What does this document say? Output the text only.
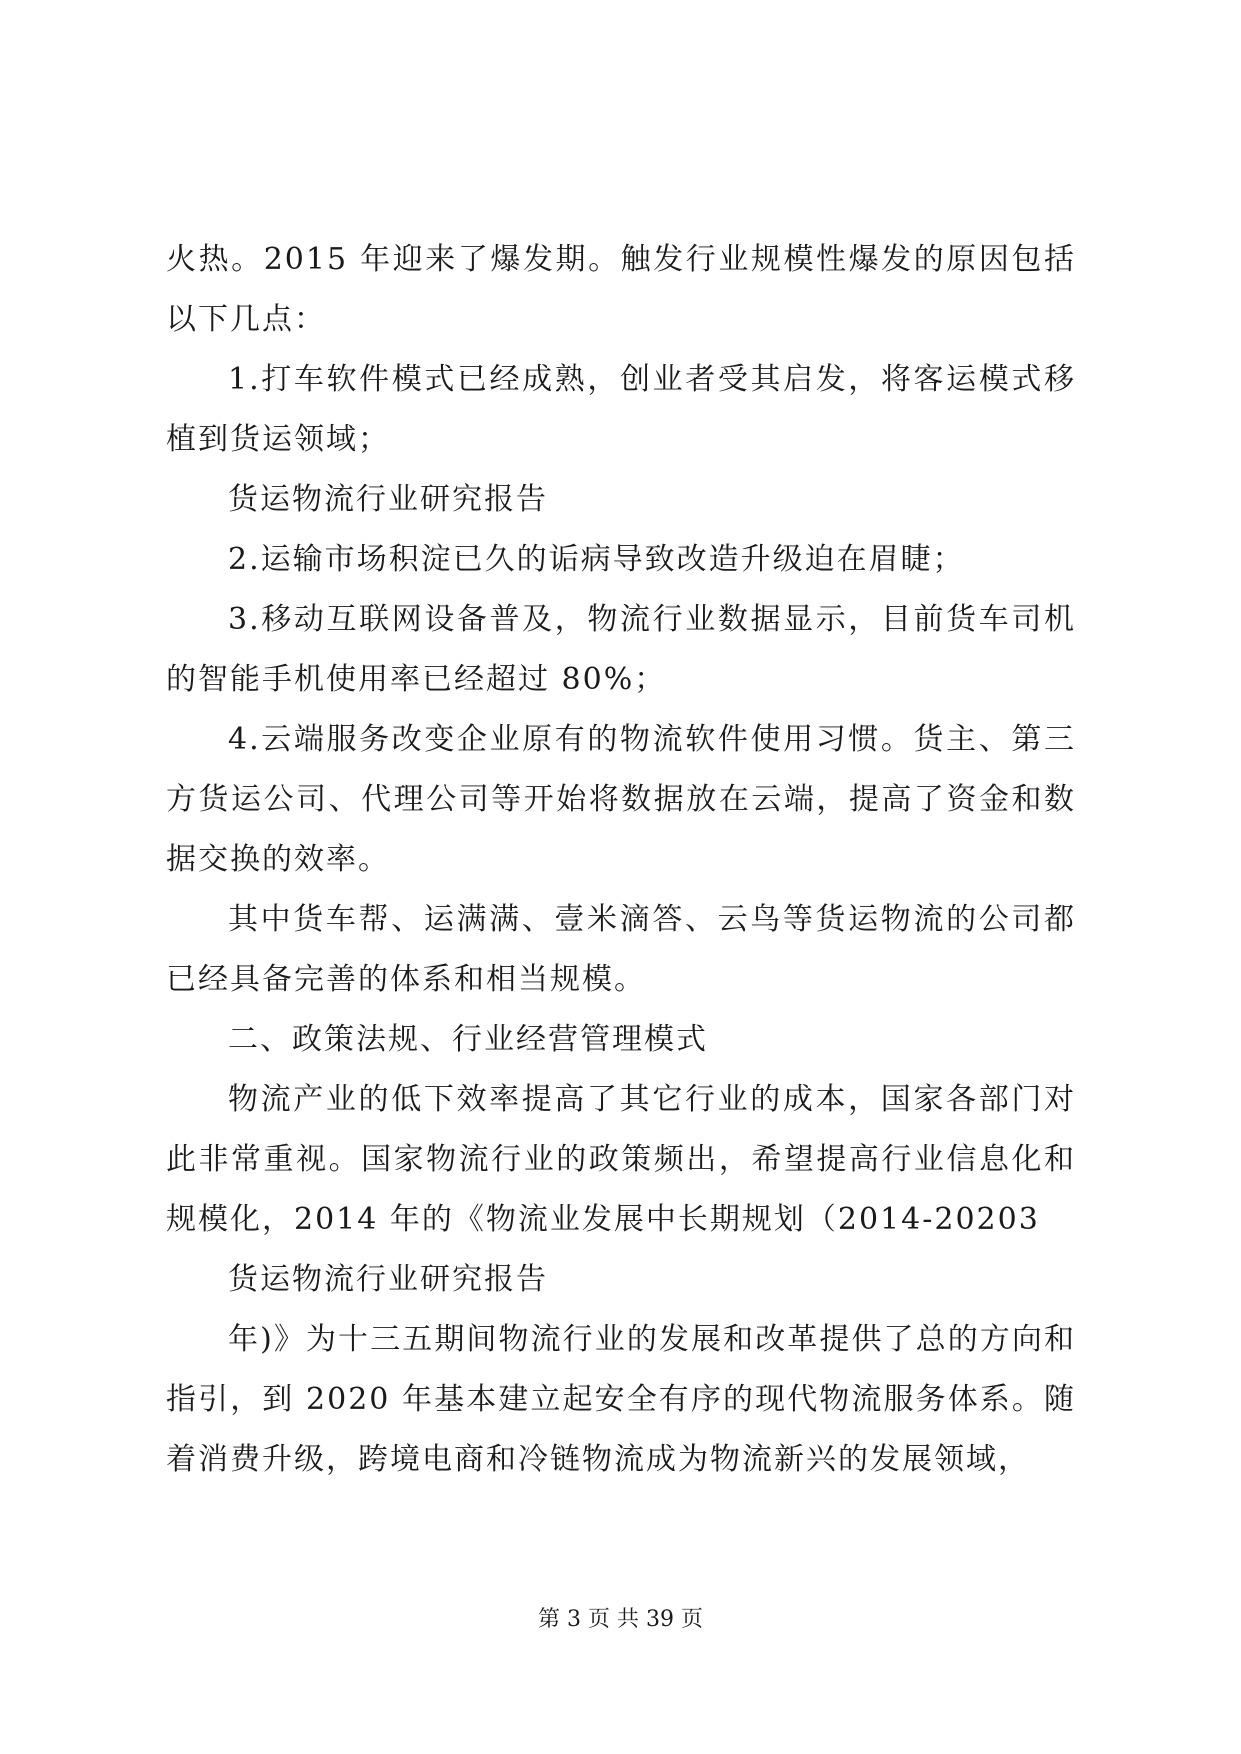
火热。2015 年迎来了爆发期。触发行业规模性爆发的原因包括以下几点：

1.打车软件模式已经成熟，创业者受其启发，将客运模式移植到货运领域；

货运物流行业研究报告

2.运输市场积淀已久的诟病导致改造升级迫在眉睫；

3.移动互联网设备普及，物流行业数据显示，目前货车司机的智能手机使用率已经超过 80%；

4.云端服务改变企业原有的物流软件使用习惯。货主、第三方货运公司、代理公司等开始将数据放在云端，提高了资金和数据交换的效率。

其中货车帮、运满满、壹米滴答、云鸟等货运物流的公司都已经具备完善的体系和相当规模。

二、政策法规、行业经营管理模式

物流产业的低下效率提高了其它行业的成本，国家各部门对此非常重视。国家物流行业的政策频出，希望提高行业信息化和规模化，2014 年的《物流业发展中长期规划（2014-20203

货运物流行业研究报告

年)》为十三五期间物流行业的发展和改革提供了总的方向和指引，到 2020 年基本建立起安全有序的现代物流服务体系。随着消费升级，跨境电商和冷链物流成为物流新兴的发展领域，

第 3 页 共 39 页
